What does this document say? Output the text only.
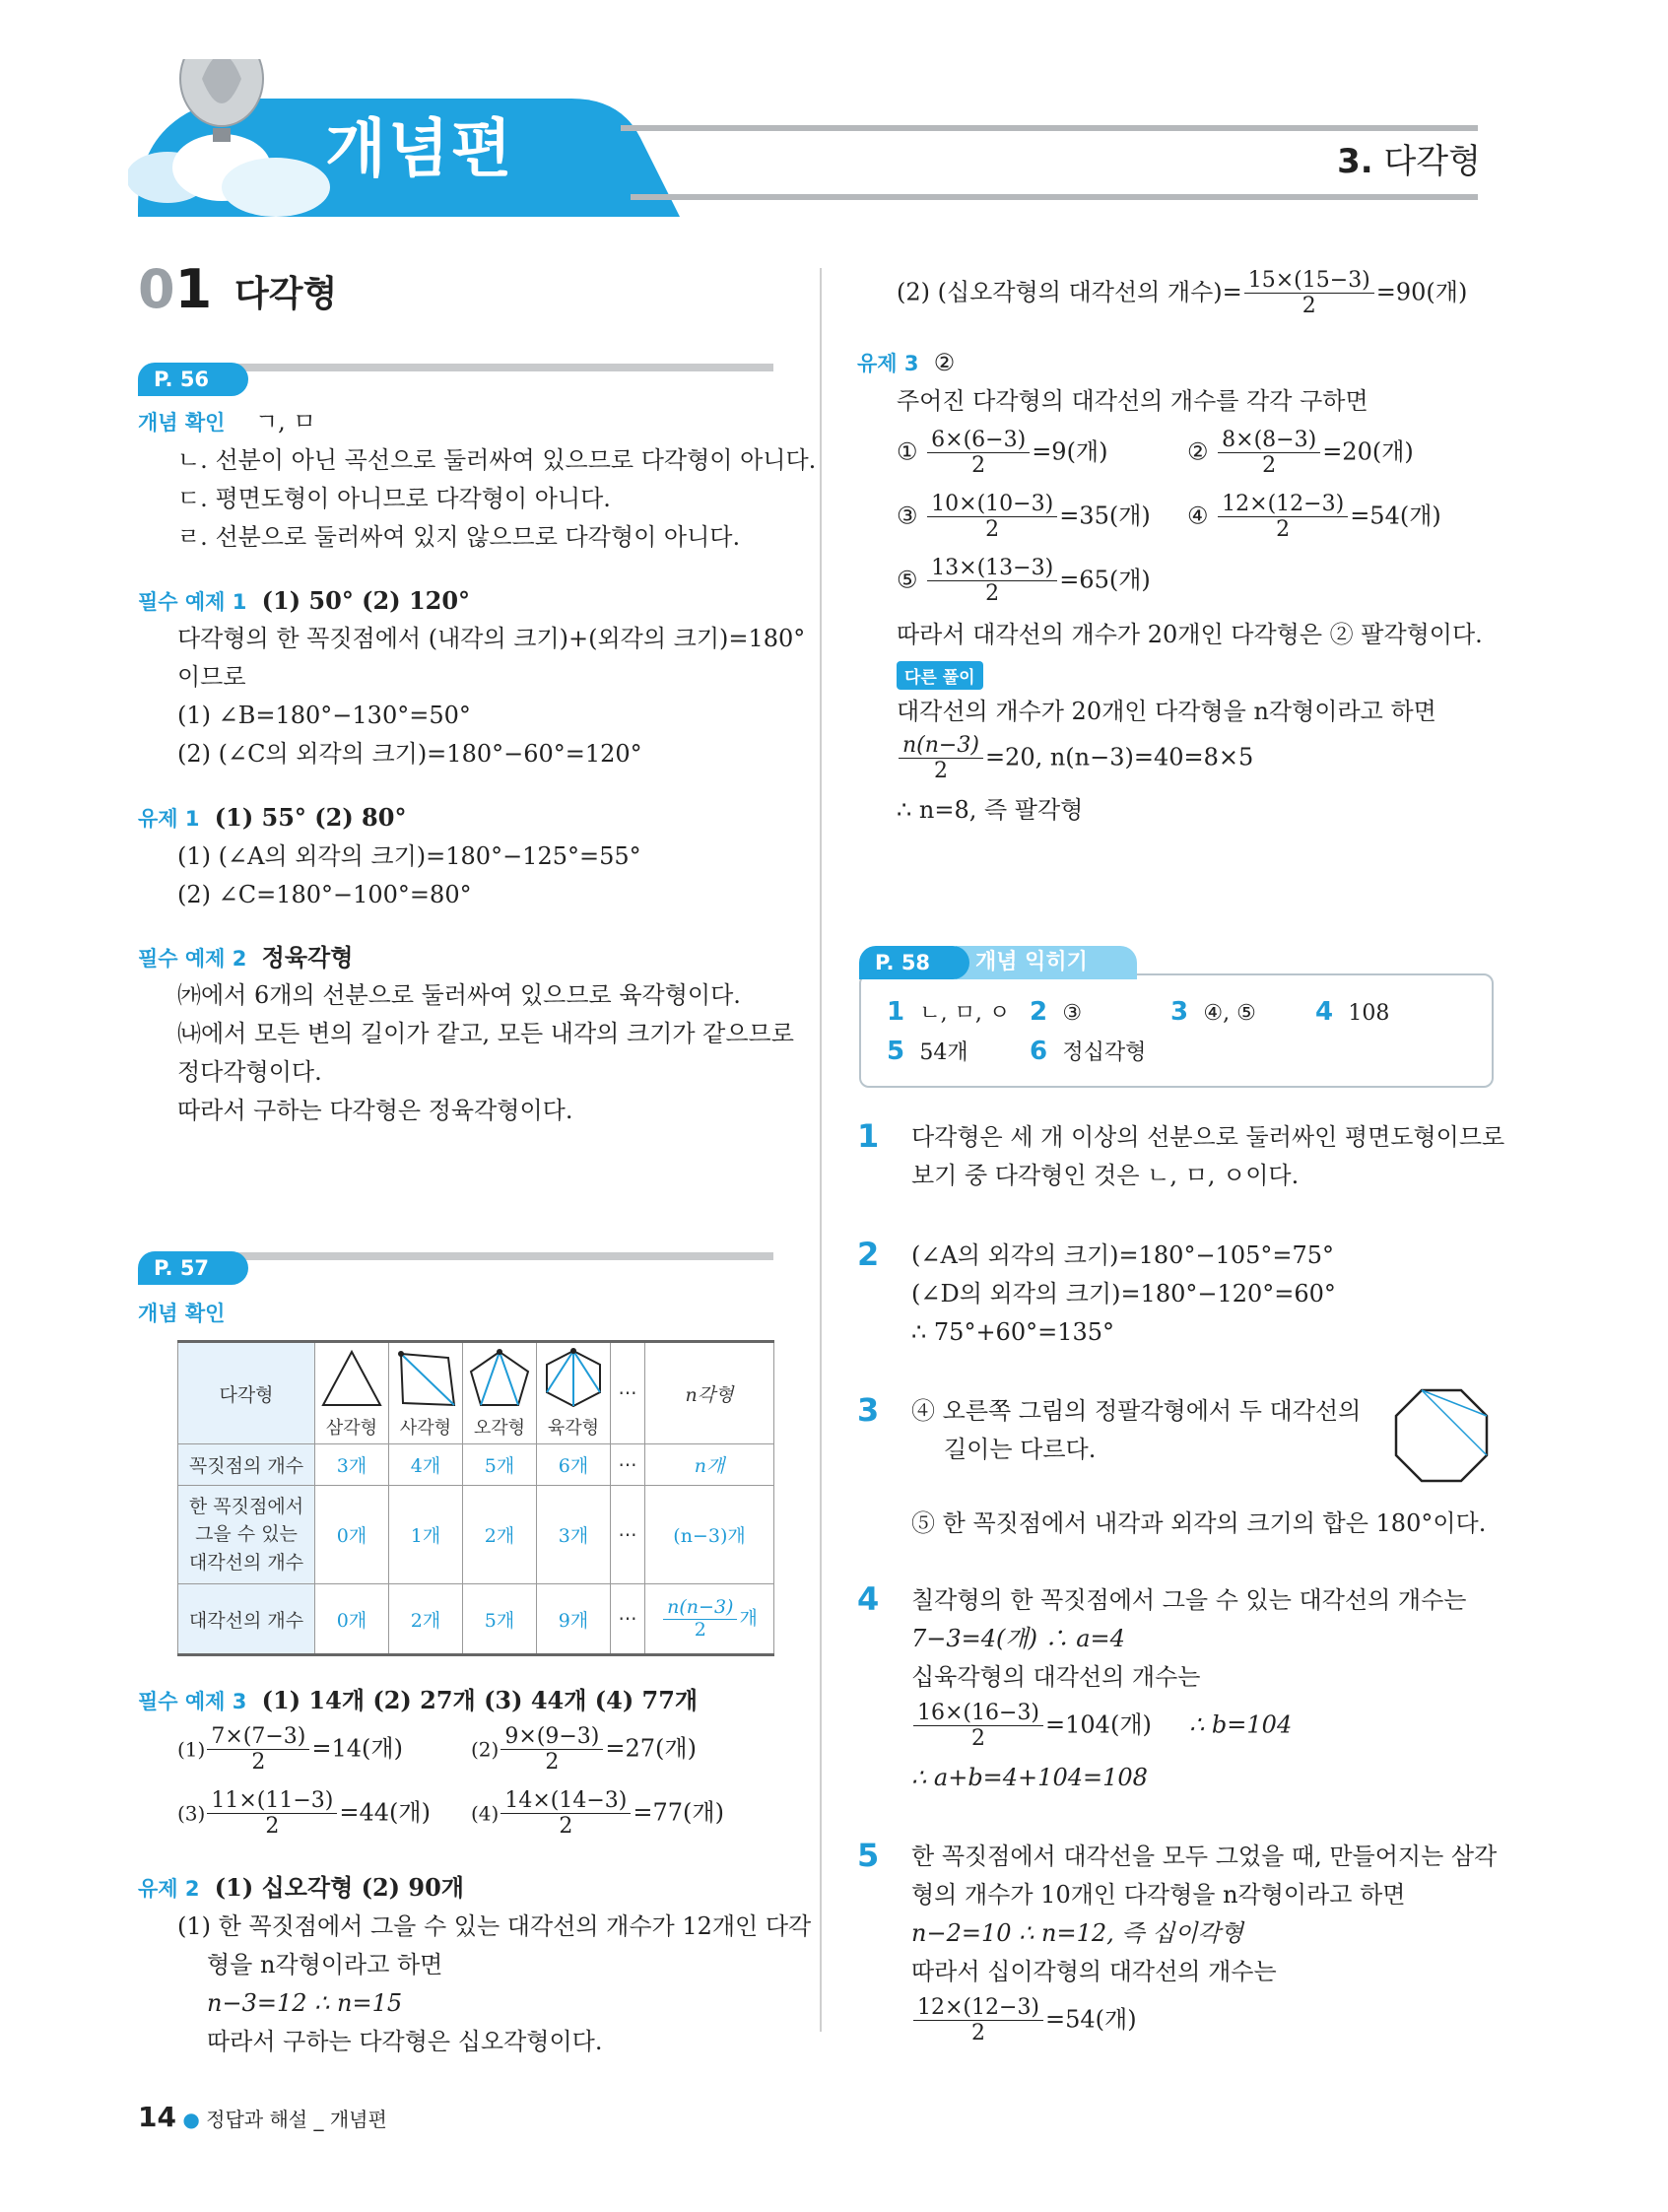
개념편	3. 다각형
01 다각형
P. 56
개념 확인 ㄱ, ㅁ
ㄴ. 선분이 아닌 곡선으로 둘러싸여 있으므로 다각형이 아니다.
ㄷ. 평면도형이 아니므로 다각형이 아니다.
ㄹ. 선분으로 둘러싸여 있지 않으므로 다각형이 아니다.
필수 예제 1 (1) 50° (2) 120°
다각형의 한 꼭짓점에서 (내각의 크기)+(외각의 크기)=180°
이므로
(1) ∠B=180°−130°=50°
(2) (∠C의 외각의 크기)=180°−60°=120°
유제 1 (1) 55° (2) 80°
(1) (∠A의 외각의 크기)=180°−125°=55°
(2) ∠C=180°−100°=80°
필수 예제 2 정육각형
㈎에서 6개의 선분으로 둘러싸여 있으므로 육각형이다.
㈏에서 모든 변의 길이가 같고, 모든 내각의 크기가 같으므로
정다각형이다.
따라서 구하는 다각형은 정육각형이다.
P. 57
개념 확인
다각형	삼각형	사각형	오각형	육각형	⋯	n각형
꼭짓점의 개수	3개	4개	5개	6개	⋯	n개
한 꼭짓점에서 그을 수 있는 대각선의 개수	0개	1개	2개	3개	⋯	(n−3)개
대각선의 개수	0개	2개	5개	9개	⋯	$\frac{n(n-3)}{2}$ 개
필수 예제 3 (1) 14개 (2) 27개 (3) 44개 (4) 77개
$(1) \frac{7\times(7-3)}{2} =14$(개)	$(2) \frac{9\times(9-3)}{2} =27$(개)
$(3) \frac{11\times(11-3)}{2} =44$(개) $(4) \frac{14\times(14-3)}{2} =77$(개)
유제 2 (1) 십오각형 (2) 90개
(1) 한 꼭짓점에서 그을 수 있는 대각선의 개수가 12개인 다각
형을 n각형이라고 하면
n−3=12 ∴ n=15
따라서 구하는 다각형은 십오각형이다.
(2) (십오각형의 대각선의 개수)= $\frac{15\times(15-3)}{2} =90$(개)
유제 3 ②
주어진 다각형의 대각선의 개수를 각각 구하면
① $\frac{6\times(6-3)}{2} =9$(개)	② $\frac{8\times(8-3)}{2} =20$(개)
③ $\frac{10\times(10-3)}{2} =35$(개) ④ $\frac{12\times(12-3)}{2} =54$(개)
⑤ $\frac{13\times(13-3)}{2} =65$(개)
따라서 대각선의 개수가 20개인 다각형은 ② 팔각형이다.
다른 풀이
대각선의 개수가 20개인 다각형을 n각형이라고 하면
$\frac{n(n-3)}{2} =20$, n(n−3)=40=8×5
∴ n=8, 즉 팔각형
개념 익히기
P. 58
1 ㄴ, ㅁ, ㅇ 2 ③	3 ④, ⑤ 4 108
5 54개 6 정십각형
1 다각형은 세 개 이상의 선분으로 둘러싸인 평면도형이므로
보기 중 다각형인 것은 ㄴ, ㅁ, ㅇ이다.
2 (∠A의 외각의 크기)=180°−105°=75°
(∠D의 외각의 크기)=180°−120°=60°
∴ 75°+60°=135°
3 ④ 오른쪽 그림의 정팔각형에서 두 대각선의
길이는 다르다.
⑤ 한 꼭짓점에서 내각과 외각의 크기의 합은 180°이다.
4 칠각형의 한 꼭짓점에서 그을 수 있는 대각선의 개수는
7−3=4(개) ∴ a=4
십육각형의 대각선의 개수는
$\frac{16\times(16-3)}{2} =104$(개) ∴ b=104
∴ a+b=4+104=108
5 한 꼭짓점에서 대각선을 모두 그었을 때, 만들어지는 삼각
형의 개수가 10개인 다각형을 n각형이라고 하면
n−2=10 ∴ n=12, 즉 십이각형
따라서 십이각형의 대각선의 개수는
$\frac{12\times(12-3)}{2} =54$(개)
14 ● 정답과 해설 _ 개념편
